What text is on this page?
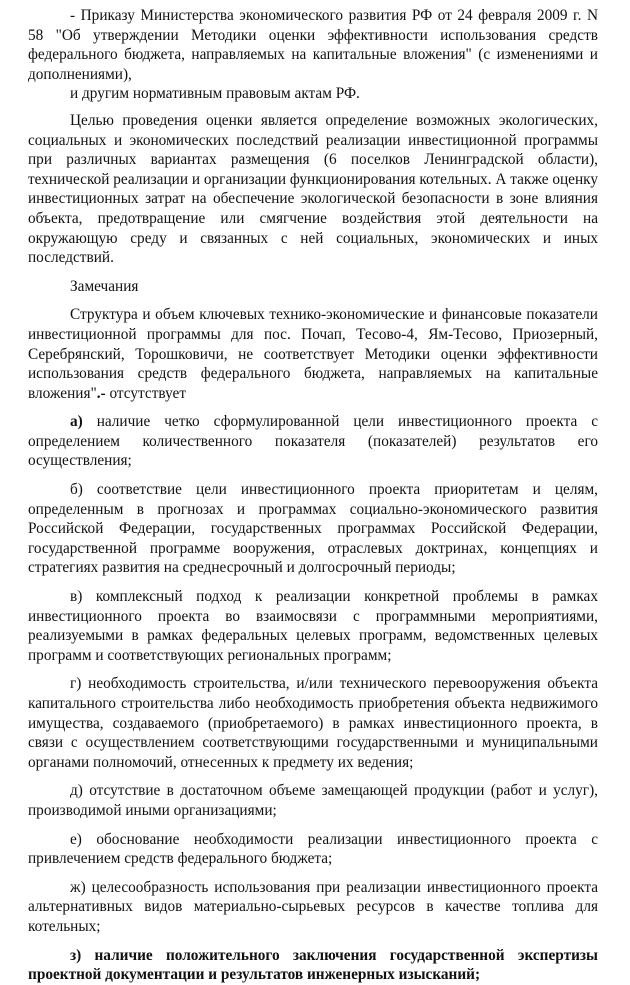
- Приказу Министерства экономического развития РФ от 24 февраля 2009 г. N 58 "Об утверждении Методики оценки эффективности использования средств федерального бюджета, направляемых на капитальные вложения" (с изменениями и дополнениями),

и другим нормативным правовым актам РФ.

Целью проведения оценки является определение возможных экологических, социальных и экономических последствий реализации инвестиционной программы при различных вариантах размещения (6 поселков Ленинградской области), технической реализации и организации функционирования котельных. А также оценку инвестиционных затрат на обеспечение экологической безопасности в зоне влияния объекта, предотвращение или смягчение воздействия этой деятельности на окружающую среду и связанных с ней социальных, экономических и иных последствий.

Замечания

Структура и объем ключевых технико-экономические и финансовые показатели инвестиционной программы для пос. Почап, Тесово-4, Ям-Тесово, Приозерный, Серебрянский, Торошковичи, не соответствует Методики оценки эффективности использования средств федерального бюджета, направляемых на капитальные вложения".- отсутствует

а) наличие четко сформулированной цели инвестиционного проекта с определением количественного показателя (показателей) результатов его осуществления;

б) соответствие цели инвестиционного проекта приоритетам и целям, определенным в прогнозах и программах социально-экономического развития Российской Федерации, государственных программах Российской Федерации, государственной программе вооружения, отраслевых доктринах, концепциях и стратегиях развития на среднесрочный и долгосрочный периоды;

в) комплексный подход к реализации конкретной проблемы в рамках инвестиционного проекта во взаимосвязи с программными мероприятиями, реализуемыми в рамках федеральных целевых программ, ведомственных целевых программ и соответствующих региональных программ;

г) необходимость строительства, и/или технического перевооружения объекта капитального строительства либо необходимость приобретения объекта недвижимого имущества, создаваемого (приобретаемого) в рамках инвестиционного проекта, в связи с осуществлением соответствующими государственными и муниципальными органами полномочий, отнесенных к предмету их ведения;

д) отсутствие в достаточном объеме замещающей продукции (работ и услуг), производимой иными организациями;

е) обоснование необходимости реализации инвестиционного проекта с привлечением средств федерального бюджета;

ж) целесообразность использования при реализации инвестиционного проекта альтернативных видов материально-сырьевых ресурсов в качестве топлива для котельных;

з) наличие положительного заключения государственной экспертизы проектной документации и результатов инженерных изысканий;
